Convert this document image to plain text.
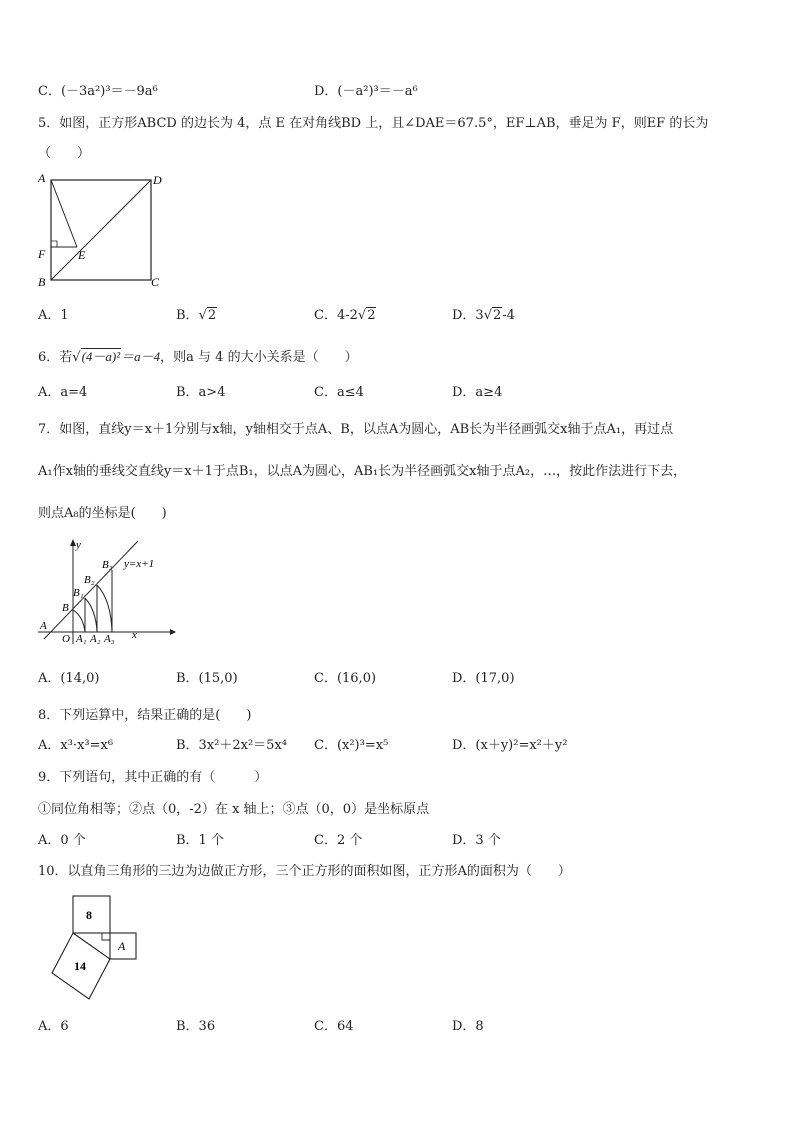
C．(－3a²)³＝－9a⁶	D．(－a²)³＝－a⁶
5．如图，正方形ABCD 的边长为 4，点 E 在对角线BD 上，且∠DAE＝67.5°，EF⊥AB，垂足为 F，则EF 的长为
（　　）
A	D
F	E
B	C
A．1	B．√2	C．4-2√2	D．3√2-4
6．若√(4－a)²＝a－4，则a 与 4 的大小关系是（　　）
A．a=4	B．a>4	C．a≤4	D．a≥4
7．如图，直线y＝x＋1分别与x轴，y轴相交于点A、B，以点A为圆心，AB长为半径画弧交x轴于点A₁，再过点
A₁作x轴的垂线交直线y＝x＋1于点B₁，以点A为圆心，AB₁长为半径画弧交x轴于点A₂，…，按此作法进行下去，
则点A₈的坐标是(　　)
y
y=x+1
B₃
B₂
B₁
B
A
O A₁ A₂ A₃ x
A．(14,0)	B．(15,0)	C．(16,0)	D．(17,0)
8．下列运算中，结果正确的是(　　)
A．x³·x³=x⁶	B．3x²＋2x²＝5x⁴ C．(x²)³=x⁵	D．(x＋y)²=x²＋y²
9．下列语句，其中正确的有（　　　）
①同位角相等；②点（0，-2）在 x 轴上；③点（0，0）是坐标原点
A．0 个	B．1 个	C．2 个	D．3 个
10．以直角三角形的三边为边做正方形，三个正方形的面积如图，正方形A的面积为（　　）
8
A
14
A．6	B．36	C．64	D．8
